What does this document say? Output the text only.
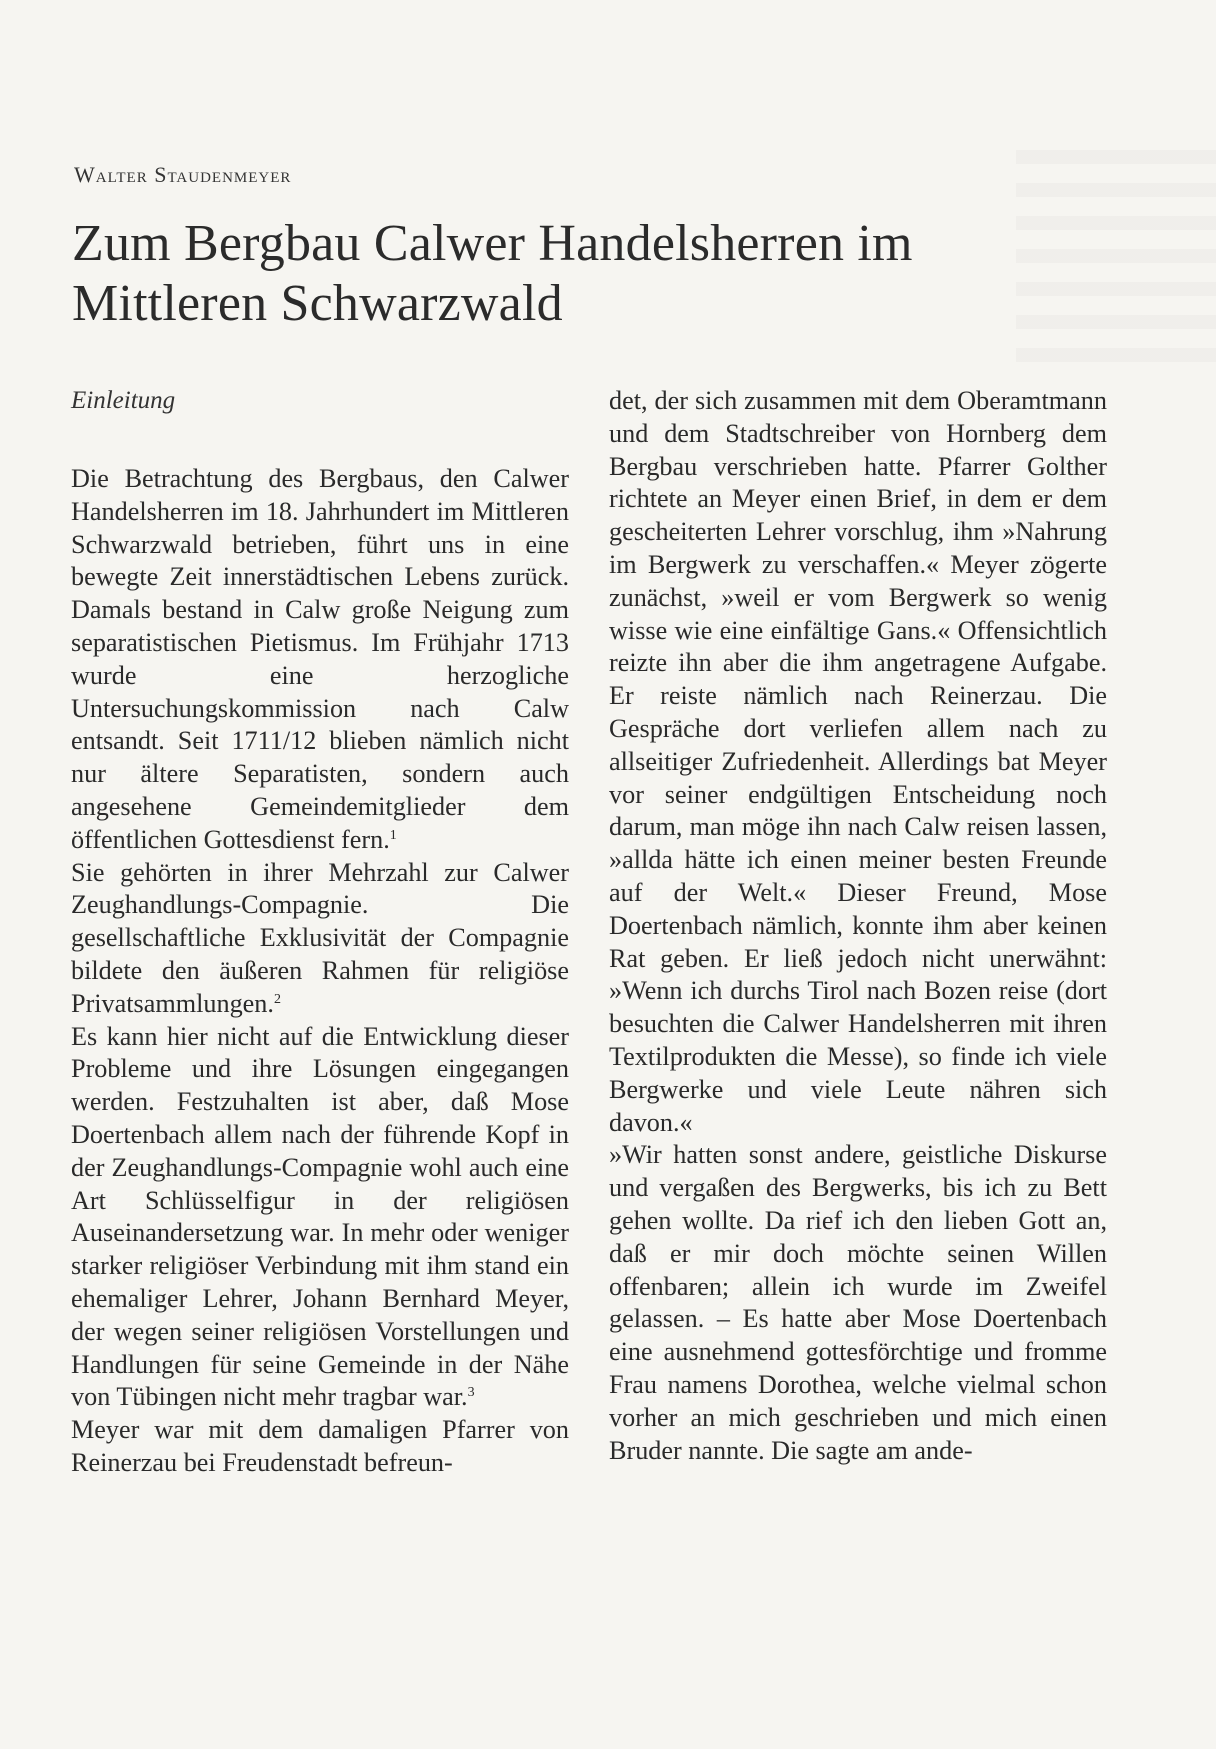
Walter Staudenmeyer
Zum Bergbau Calwer Handelsherren im
Mittleren Schwarzwald
Einleitung

Die Betrachtung des Bergbaus, den Calwer Handelsherren im 18. Jahrhundert im Mittleren Schwarzwald betrieben, führt uns in eine bewegte Zeit innerstädtischen Lebens zurück. Damals bestand in Calw große Neigung zum separatistischen Pietismus. Im Frühjahr 1713 wurde eine herzogliche Untersuchungskommission nach Calw entsandt. Seit 1711/12 blieben nämlich nicht nur ältere Separatisten, sondern auch angesehene Gemeindemitglieder dem öffentlichen Gottesdienst fern.$^1$

Sie gehörten in ihrer Mehrzahl zur Calwer Zeughandlungs-Compagnie. Die gesellschaftliche Exklusivität der Compagnie bildete den äußeren Rahmen für religiöse Privatsammlungen.$^2$

Es kann hier nicht auf die Entwicklung dieser Probleme und ihre Lösungen eingegangen werden. Festzuhalten ist aber, daß Mose Doertenbach allem nach der führende Kopf in der Zeughandlungs-Compagnie wohl auch eine Art Schlüsselfigur in der religiösen Auseinandersetzung war. In mehr oder weniger starker religiöser Verbindung mit ihm stand ein ehemaliger Lehrer, Johann Bernhard Meyer, der wegen seiner religiösen Vorstellungen und Handlungen für seine Gemeinde in der Nähe von Tübingen nicht mehr tragbar war.$^3$

Meyer war mit dem damaligen Pfarrer von Reinerzau bei Freudenstadt befreun-

det, der sich zusammen mit dem Oberamtmann und dem Stadtschreiber von Hornberg dem Bergbau verschrieben hatte. Pfarrer Golther richtete an Meyer einen Brief, in dem er dem gescheiterten Lehrer vorschlug, ihm »Nahrung im Bergwerk zu verschaffen.« Meyer zögerte zunächst, »weil er vom Bergwerk so wenig wisse wie eine einfältige Gans.« Offensichtlich reizte ihn aber die ihm angetragene Aufgabe. Er reiste nämlich nach Reinerzau. Die Gespräche dort verliefen allem nach zu allseitiger Zufriedenheit. Allerdings bat Meyer vor seiner endgültigen Entscheidung noch darum, man möge ihn nach Calw reisen lassen, »allda hätte ich einen meiner besten Freunde auf der Welt.« Dieser Freund, Mose Doertenbach nämlich, konnte ihm aber keinen Rat geben. Er ließ jedoch nicht unerwähnt: »Wenn ich durchs Tirol nach Bozen reise (dort besuchten die Calwer Handelsherren mit ihren Textilprodukten die Messe), so finde ich viele Bergwerke und viele Leute nähren sich davon.«

»Wir hatten sonst andere, geistliche Diskurse und vergaßen des Bergwerks, bis ich zu Bett gehen wollte. Da rief ich den lieben Gott an, daß er mir doch möchte seinen Willen offenbaren; allein ich wurde im Zweifel gelassen. – Es hatte aber Mose Doertenbach eine ausnehmend gottesförchtige und fromme Frau namens Dorothea, welche vielmal schon vorher an mich geschrieben und mich einen Bruder nannte. Die sagte am ande-
